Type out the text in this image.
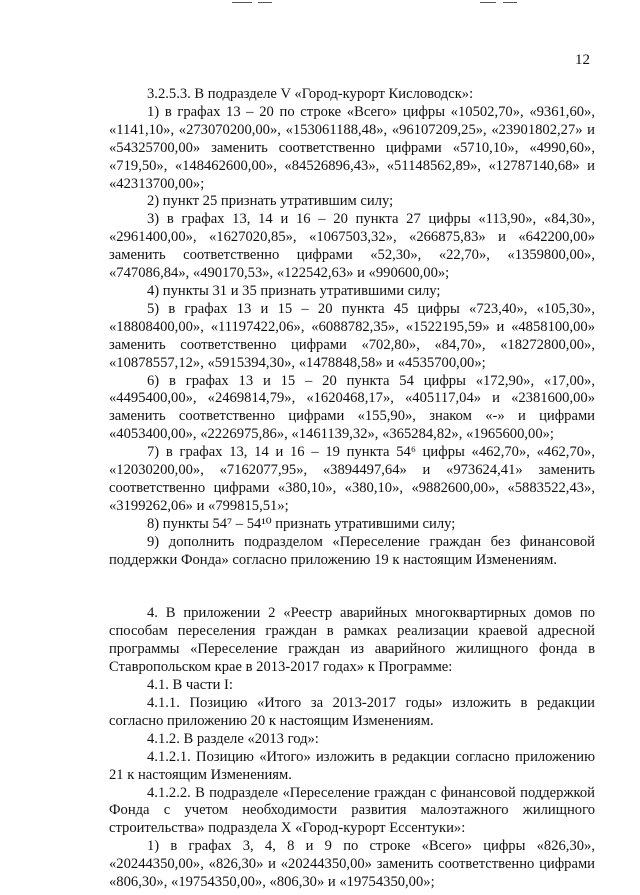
12

3.2.5.3. В подразделе V «Город-курорт Кисловодск»:

1) в графах 13 – 20 по строке «Всего» цифры «10502,70», «9361,60», «1141,10», «273070200,00», «153061188,48», «96107209,25», «23901802,27» и «54325700,00» заменить соответственно цифрами «5710,10», «4990,60», «719,50», «148462600,00», «84526896,43», «51148562,89», «12787140,68» и «42313700,00»;

2) пункт 25 признать утратившим силу;

3) в графах 13, 14 и 16 – 20 пункта 27 цифры «113,90», «84,30», «2961400,00», «1627020,85», «1067503,32», «266875,83» и «642200,00» заменить соответственно цифрами «52,30», «22,70», «1359800,00», «747086,84», «490170,53», «122542,63» и «990600,00»;

4) пункты 31 и 35 признать утратившими силу;

5) в графах 13 и 15 – 20 пункта 45 цифры «723,40», «105,30», «18808400,00», «11197422,06», «6088782,35», «1522195,59» и «4858100,00» заменить соответственно цифрами «702,80», «84,70», «18272800,00», «10878557,12», «5915394,30», «1478848,58» и «4535700,00»;

6) в графах 13 и 15 – 20 пункта 54 цифры «172,90», «17,00», «4495400,00», «2469814,79», «1620468,17», «405117,04» и «2381600,00» заменить соответственно цифрами «155,90», знаком «-» и цифрами «4053400,00», «2226975,86», «1461139,32», «365284,82», «1965600,00»;

7) в графах 13, 14 и 16 – 19 пункта 54⁶ цифры «462,70», «462,70», «12030200,00», «7162077,95», «3894497,64» и «973624,41» заменить соответственно цифрами «380,10», «380,10», «9882600,00», «5883522,43», «3199262,06» и «799815,51»;

8) пункты 54⁷ – 54¹⁰ признать утратившими силу;

9) дополнить подразделом «Переселение граждан без финансовой поддержки Фонда» согласно приложению 19 к настоящим Изменениям.

4. В приложении 2 «Реестр аварийных многоквартирных домов по способам переселения граждан в рамках реализации краевой адресной программы «Переселение граждан из аварийного жилищного фонда в Ставропольском крае в 2013-2017 годах» к Программе:

4.1. В части I:

4.1.1. Позицию «Итого за 2013-2017 годы» изложить в редакции согласно приложению 20 к настоящим Изменениям.

4.1.2. В разделе «2013 год»:

4.1.2.1. Позицию «Итого» изложить в редакции согласно приложению 21 к настоящим Изменениям.

4.1.2.2. В подразделе «Переселение граждан с финансовой поддержкой Фонда с учетом необходимости развития малоэтажного жилищного строительства» подраздела X «Город-курорт Ессентуки»:

1) в графах 3, 4, 8 и 9 по строке «Всего» цифры «826,30», «20244350,00», «826,30» и «20244350,00» заменить соответственно цифрами «806,30», «19754350,00», «806,30» и «19754350,00»;
